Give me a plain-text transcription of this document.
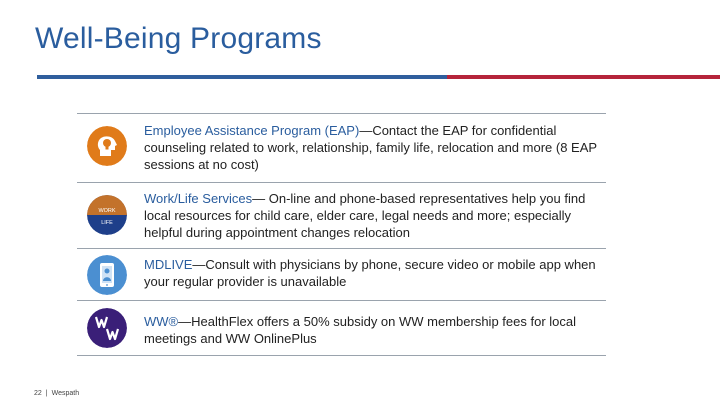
Well-Being Programs
Employee Assistance Program (EAP)—Contact the EAP for confidential counseling related to work, relationship, family life, relocation and more (8 EAP sessions at no cost)
WORK
LIFE
Work/Life Services— On-line and phone-based representatives help you find local resources for child care, elder care, legal needs and more; especially helpful during appointment changes relocation
MDLIVE—Consult with physicians by phone, secure video or mobile app when your regular provider is unavailable
WW®—HealthFlex offers a 50% subsidy on WW membership fees for local meetings and WW OnlinePlus
22 | Wespath
